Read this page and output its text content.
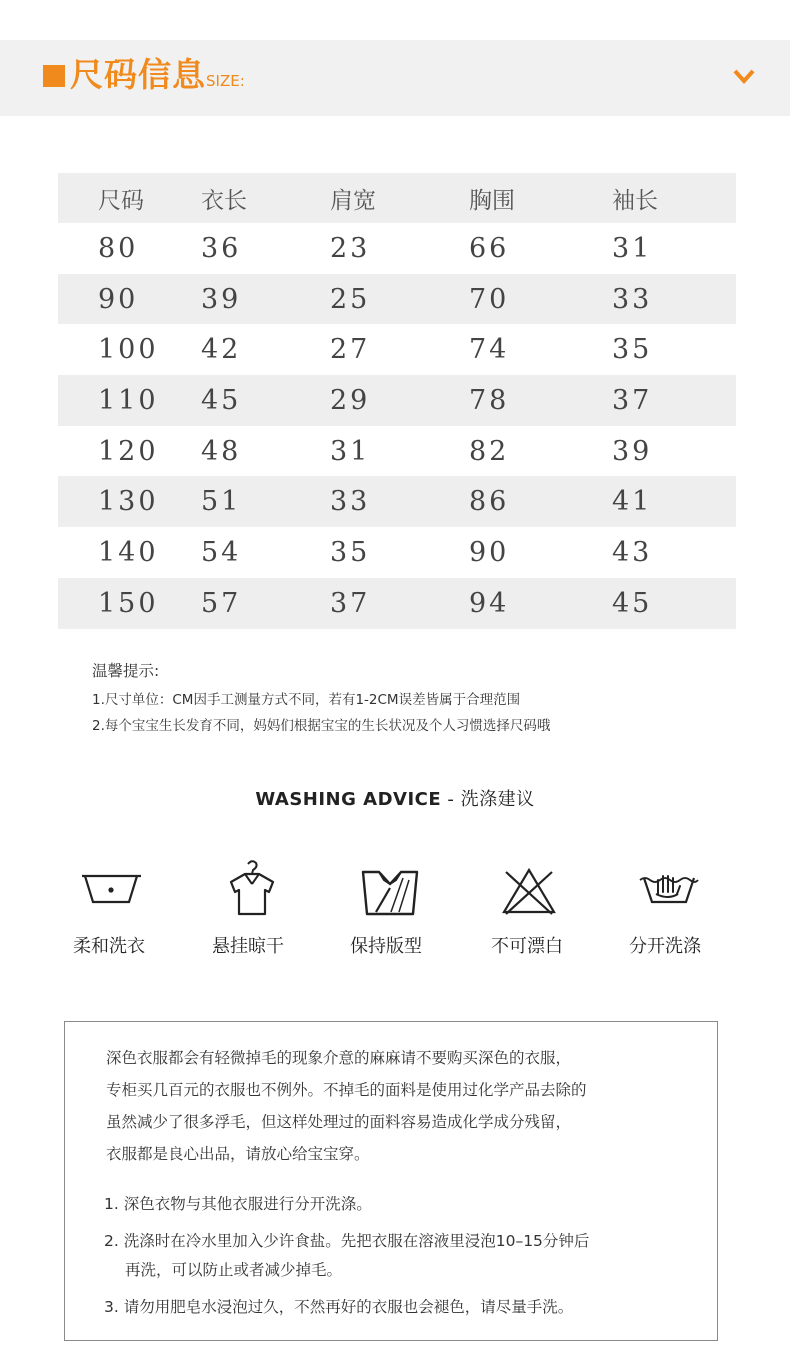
尺码信息SIZE:
尺码	衣长	肩宽	胸围	袖长
80	36	23	66	31
90	39	25	70	33
100	42	27	74	35
110	45	29	78	37
120	48	31	82	39
130	51	33	86	41
140	54	35	90	43
150	57	37	94	45
温馨提示:
1.尺寸单位：CM因手工测量方式不同，若有1-2CM误差皆属于合理范围
2.每个宝宝生长发育不同，妈妈们根据宝宝的生长状况及个人习惯选择尺码哦
WASHING ADVICE - 洗涤建议
柔和洗衣	悬挂晾干	保持版型	不可漂白	分开洗涤
深色衣服都会有轻微掉毛的现象介意的麻麻请不要购买深色的衣服，
专柜买几百元的衣服也不例外。不掉毛的面料是使用过化学产品去除的
虽然减少了很多浮毛，但这样处理过的面料容易造成化学成分残留，
衣服都是良心出品，请放心给宝宝穿。
1. 深色衣物与其他衣服进行分开洗涤。
2. 洗涤时在冷水里加入少许食盐。先把衣服在溶液里浸泡10–15分钟后
再洗，可以防止或者减少掉毛。
3. 请勿用肥皂水浸泡过久，不然再好的衣服也会褪色，请尽量手洗。
